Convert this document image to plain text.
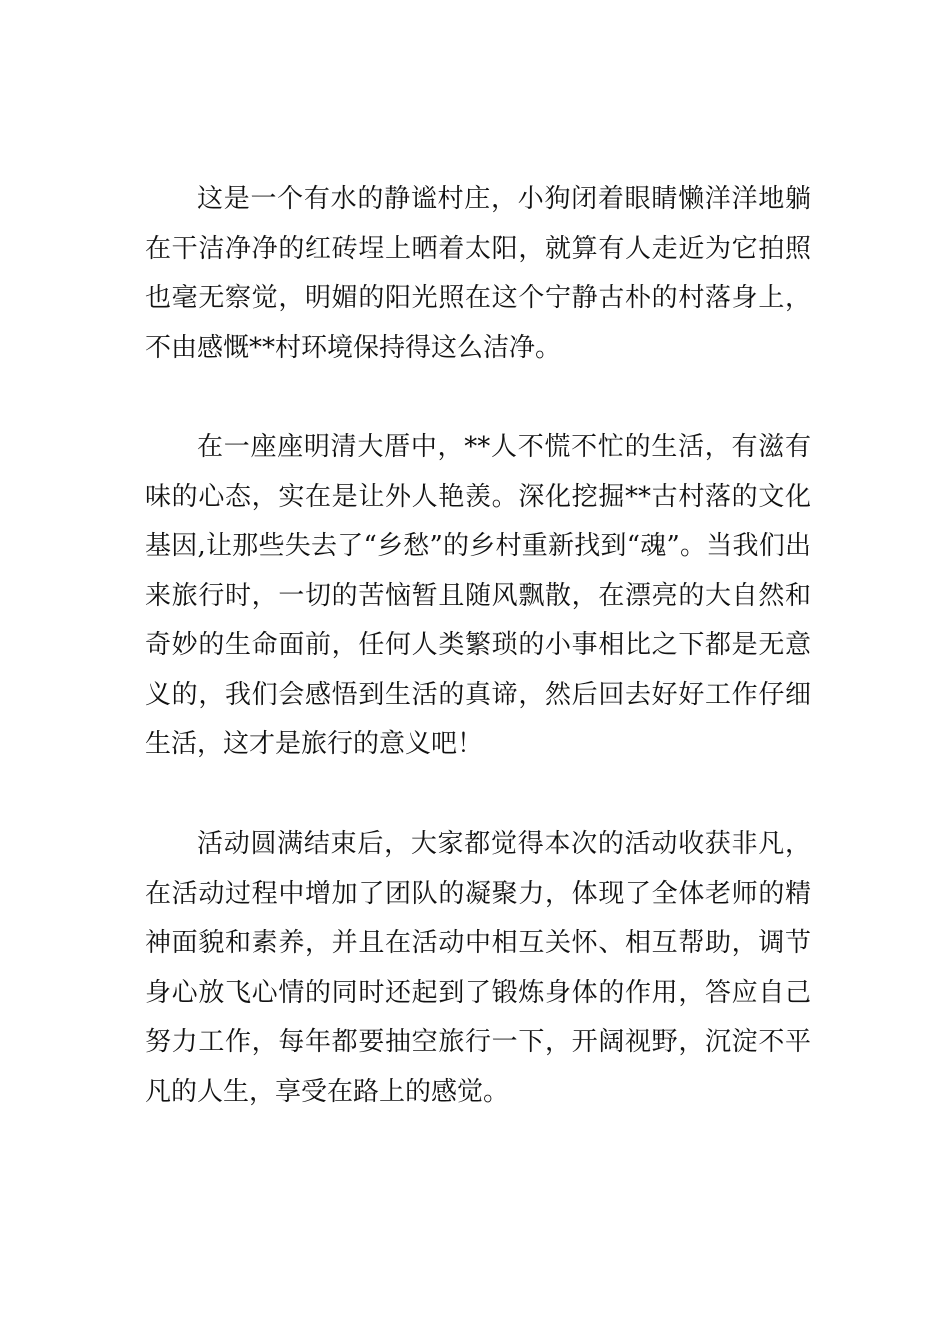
这是一个有水的静谧村庄，小狗闭着眼睛懒洋洋地躺在干洁净净的红砖埕上晒着太阳，就算有人走近为它拍照也毫无察觉，明媚的阳光照在这个宁静古朴的村落身上，不由感慨**村环境保持得这么洁净。

在一座座明清大厝中，**人不慌不忙的生活，有滋有味的心态，实在是让外人艳羡。深化挖掘**古村落的文化基因,让那些失去了“乡愁”的乡村重新找到“魂”。当我们出来旅行时，一切的苦恼暂且随风飘散，在漂亮的大自然和奇妙的生命面前，任何人类繁琐的小事相比之下都是无意义的，我们会感悟到生活的真谛，然后回去好好工作仔细生活，这才是旅行的意义吧！

活动圆满结束后，大家都觉得本次的活动收获非凡，在活动过程中增加了团队的凝聚力，体现了全体老师的精神面貌和素养，并且在活动中相互关怀、相互帮助，调节身心放飞心情的同时还起到了锻炼身体的作用，答应自己努力工作，每年都要抽空旅行一下，开阔视野，沉淀不平凡的人生，享受在路上的感觉。
